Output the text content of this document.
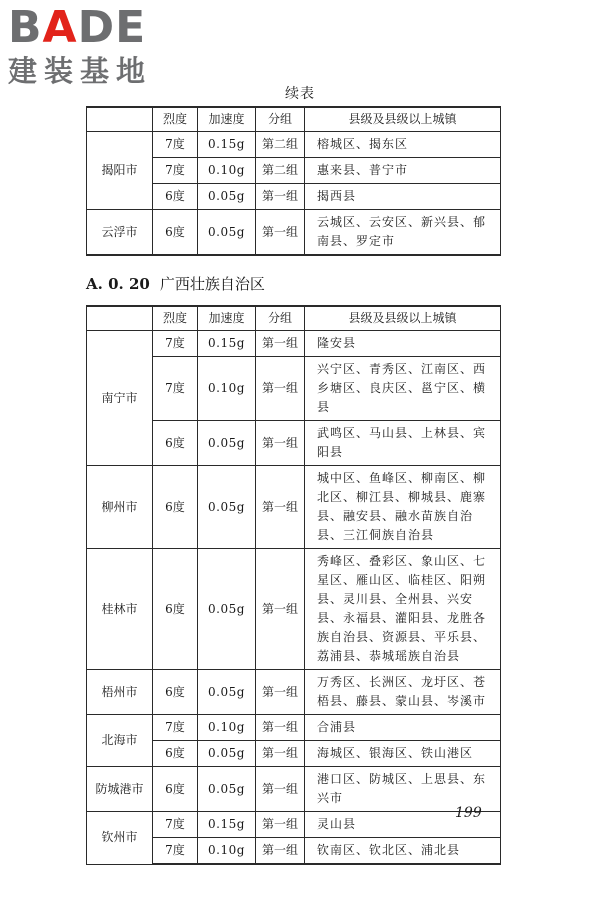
BADE
建装基地
续表
	烈度	加速度	分组	县级及县级以上城镇
揭阳市	7度	0.15g	第二组	榕城区、揭东区
	7度	0.10g	第二组	惠来县、普宁市
	6度	0.05g	第一组	揭西县
云浮市	6度	0.05g	第一组	云城区、云安区、新兴县、郁南县、罗定市
A. 0. 20 广西壮族自治区
	烈度	加速度	分组	县级及县级以上城镇
南宁市	7度	0.15g	第一组	隆安县
	7度	0.10g	第一组	兴宁区、青秀区、江南区、西乡塘区、良庆区、邕宁区、横县
	6度	0.05g	第一组	武鸣区、马山县、上林县、宾阳县
柳州市	6度	0.05g	第一组	城中区、鱼峰区、柳南区、柳北区、柳江县、柳城县、鹿寨县、融安县、融水苗族自治县、三江侗族自治县
桂林市	6度	0.05g	第一组	秀峰区、叠彩区、象山区、七星区、雁山区、临桂区、阳朔县、灵川县、全州县、兴安县、永福县、灌阳县、龙胜各族自治县、资源县、平乐县、荔浦县、恭城瑶族自治县
梧州市	6度	0.05g	第一组	万秀区、长洲区、龙圩区、苍梧县、藤县、蒙山县、岑溪市
北海市	7度	0.10g	第一组	合浦县
	6度	0.05g	第一组	海城区、银海区、铁山港区
防城港市	6度	0.05g	第一组	港口区、防城区、上思县、东兴市
钦州市	7度	0.15g	第一组	灵山县
	7度	0.10g	第一组	钦南区、钦北区、浦北县
199
